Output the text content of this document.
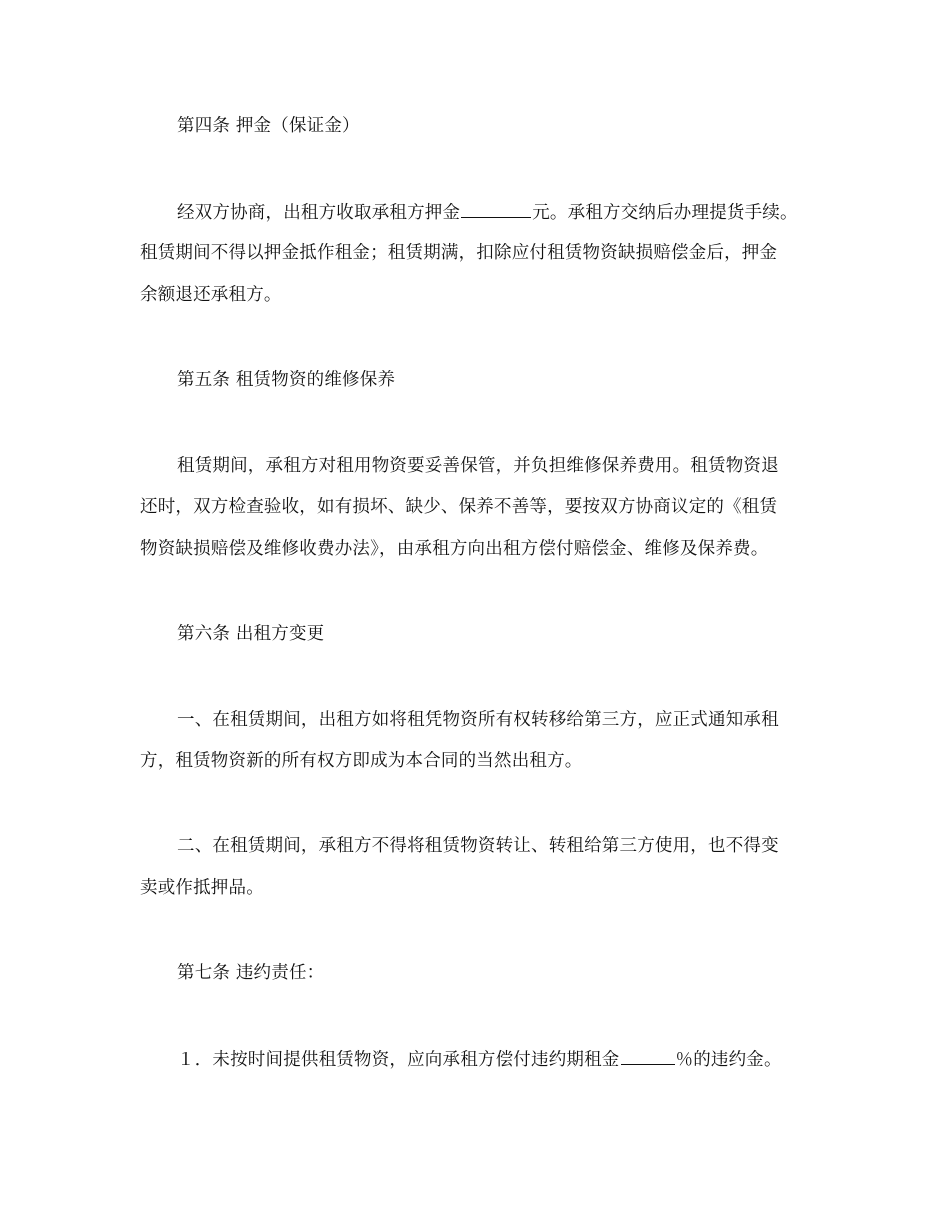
第四条 押金（保证金）
经双方协商，出租方收取承租方押金	元。承租方交纳后办理提货手续。
租赁期间不得以押金抵作租金；租赁期满，扣除应付租赁物资缺损赔偿金后，押金
余额退还承租方。
第五条 租赁物资的维修保养
租赁期间，承租方对租用物资要妥善保管，并负担维修保养费用。租赁物资退
还时，双方检查验收，如有损坏、缺少、保养不善等，要按双方协商议定的《租赁
物资缺损赔偿及维修收费办法》，由承租方向出租方偿付赔偿金、维修及保养费。
第六条 出租方变更
一、在租赁期间，出租方如将租凭物资所有权转移给第三方，应正式通知承租
方，租赁物资新的所有权方即成为本合同的当然出租方。
二、在租赁期间，承租方不得将租赁物资转让、转租给第三方使用，也不得变
卖或作抵押品。
第七条 违约责任：
１．未按时间提供租赁物资，应向承租方偿付违约期租金	％的违约金。
